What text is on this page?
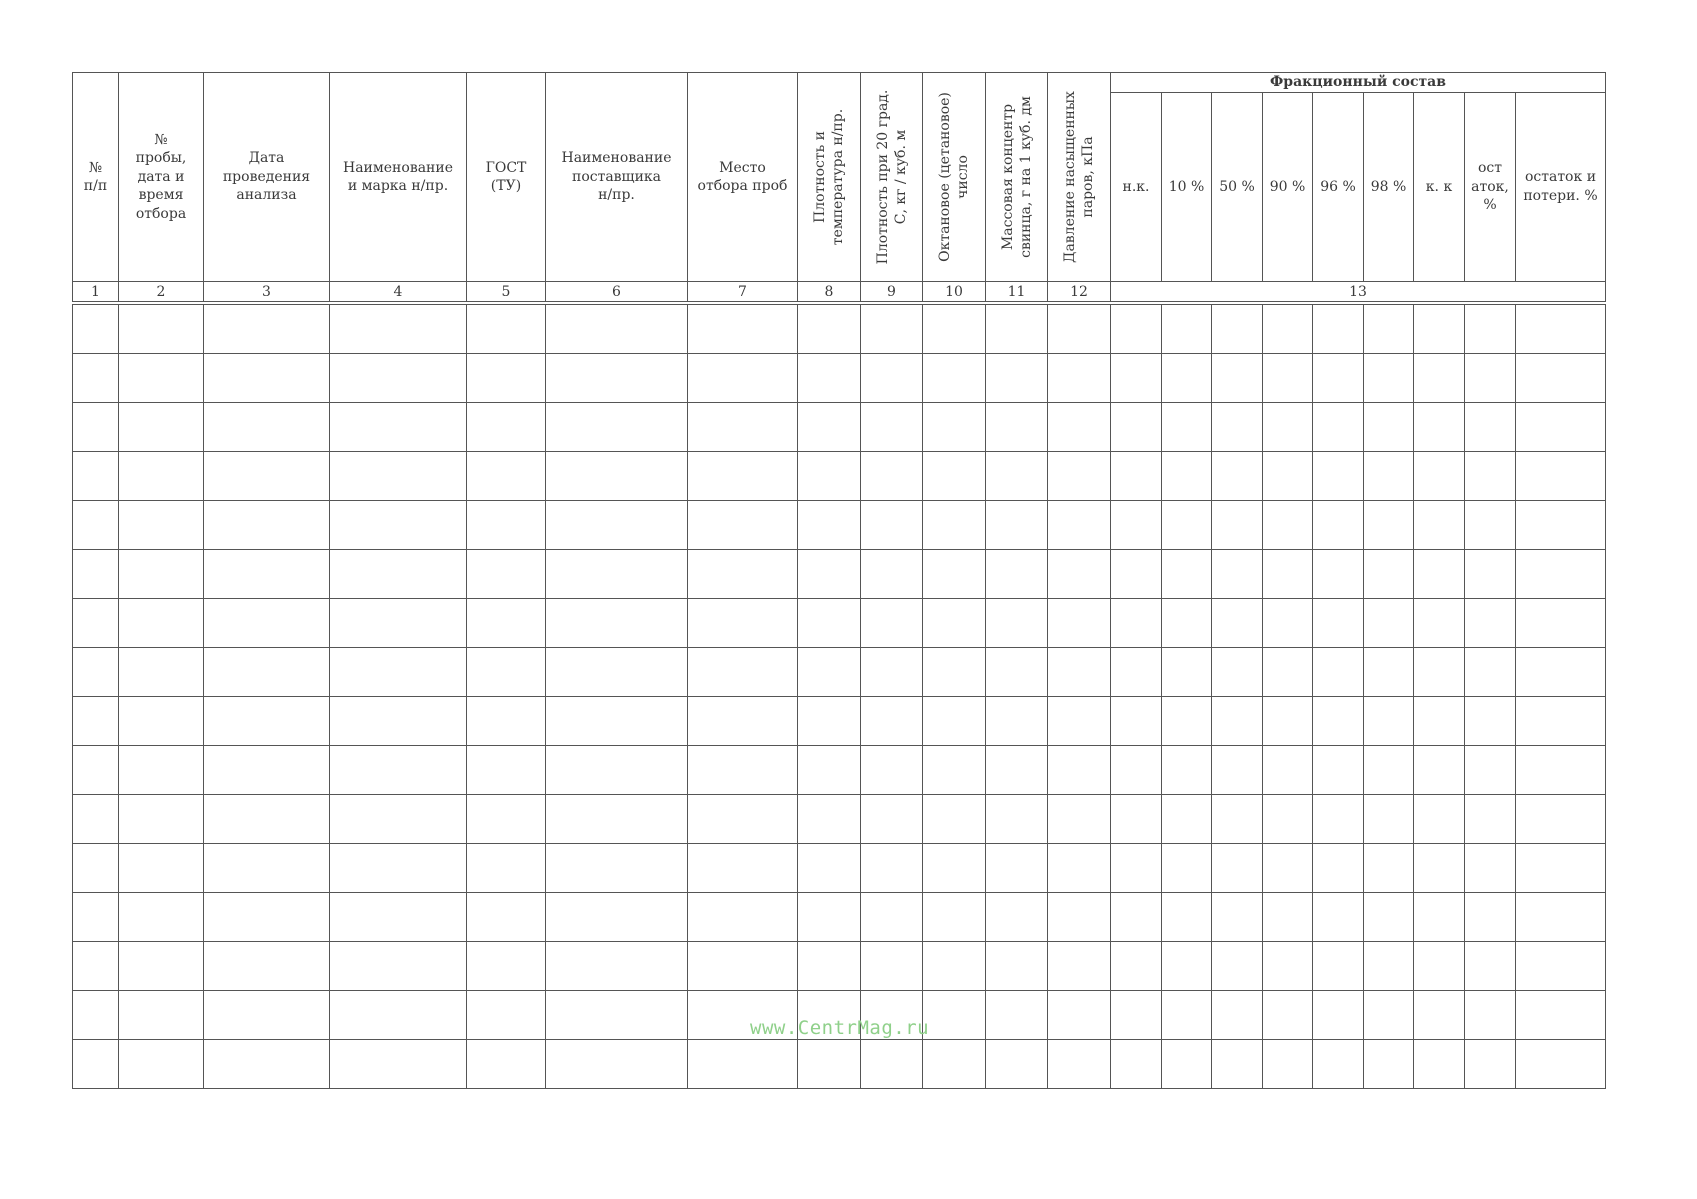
№
п/п	№
пробы,
дата и
время
отбора	Дата
проведения
анализа	Наименование
и марка н/пр.	ГОСТ
(ТУ)	Наименование
поставщика
н/пр.	Место
отбора проб	Плотность и
температура н/пр.	Плотность при 20 град.
С, кг / куб. м	Октановое (цетановое)
число	Массовая концентр
свинца, г на 1 куб. дм	Давление насыщенных
паров, кПа	Фракционный состав								
												н.к.	10 %	50 %	90 %	96 %	98 %	к. к	ост
аток,
%	остаток и
потери. %
1	2	3	4	5	6	7	8	9	10	11	12	13								

www.CentrMag.ru
